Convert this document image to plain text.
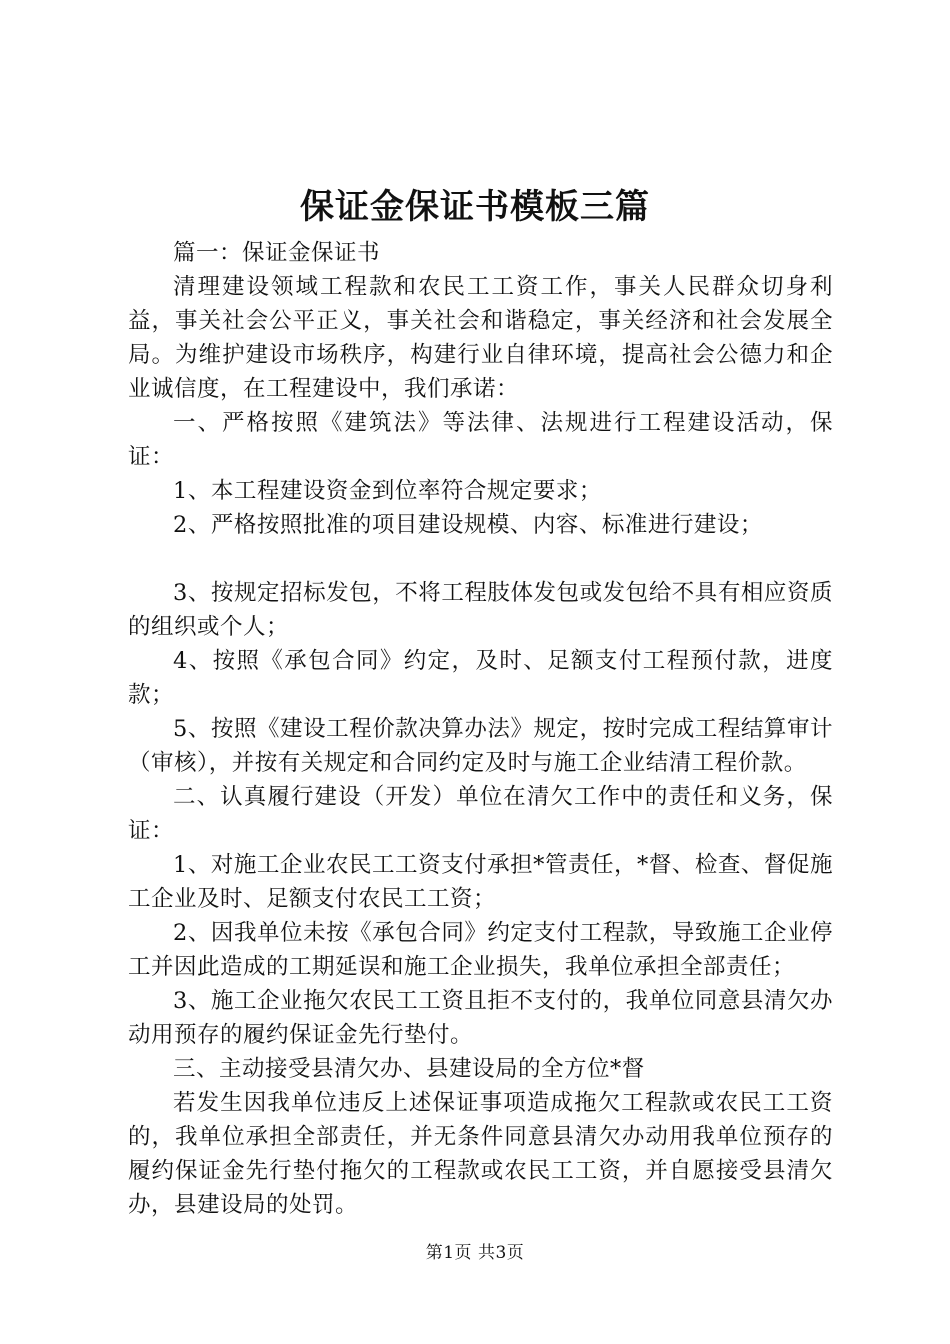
保证金保证书模板三篇

篇一：保证金保证书

清理建设领域工程款和农民工工资工作，事关人民群众切身利益，事关社会公平正义，事关社会和谐稳定，事关经济和社会发展全局。为维护建设市场秩序，构建行业自律环境，提高社会公德力和企业诚信度，在工程建设中，我们承诺：

一、严格按照《建筑法》等法律、法规进行工程建设活动，保证：

1、本工程建设资金到位率符合规定要求；

2、严格按照批准的项目建设规模、内容、标准进行建设；

3、按规定招标发包，不将工程肢体发包或发包给不具有相应资质的组织或个人；

4、按照《承包合同》约定，及时、足额支付工程预付款，进度款；

5、按照《建设工程价款决算办法》规定，按时完成工程结算审计（审核），并按有关规定和合同约定及时与施工企业结清工程价款。

二、认真履行建设（开发）单位在清欠工作中的责任和义务，保证：

1、对施工企业农民工工资支付承担*管责任，*督、检查、督促施工企业及时、足额支付农民工工资；

2、因我单位未按《承包合同》约定支付工程款，导致施工企业停工并因此造成的工期延误和施工企业损失，我单位承担全部责任；

3、施工企业拖欠农民工工资且拒不支付的，我单位同意县清欠办动用预存的履约保证金先行垫付。

三、主动接受县清欠办、县建设局的全方位*督

若发生因我单位违反上述保证事项造成拖欠工程款或农民工工资的，我单位承担全部责任，并无条件同意县清欠办动用我单位预存的履约保证金先行垫付拖欠的工程款或农民工工资，并自愿接受县清欠办，县建设局的处罚。

第1页 共3页
